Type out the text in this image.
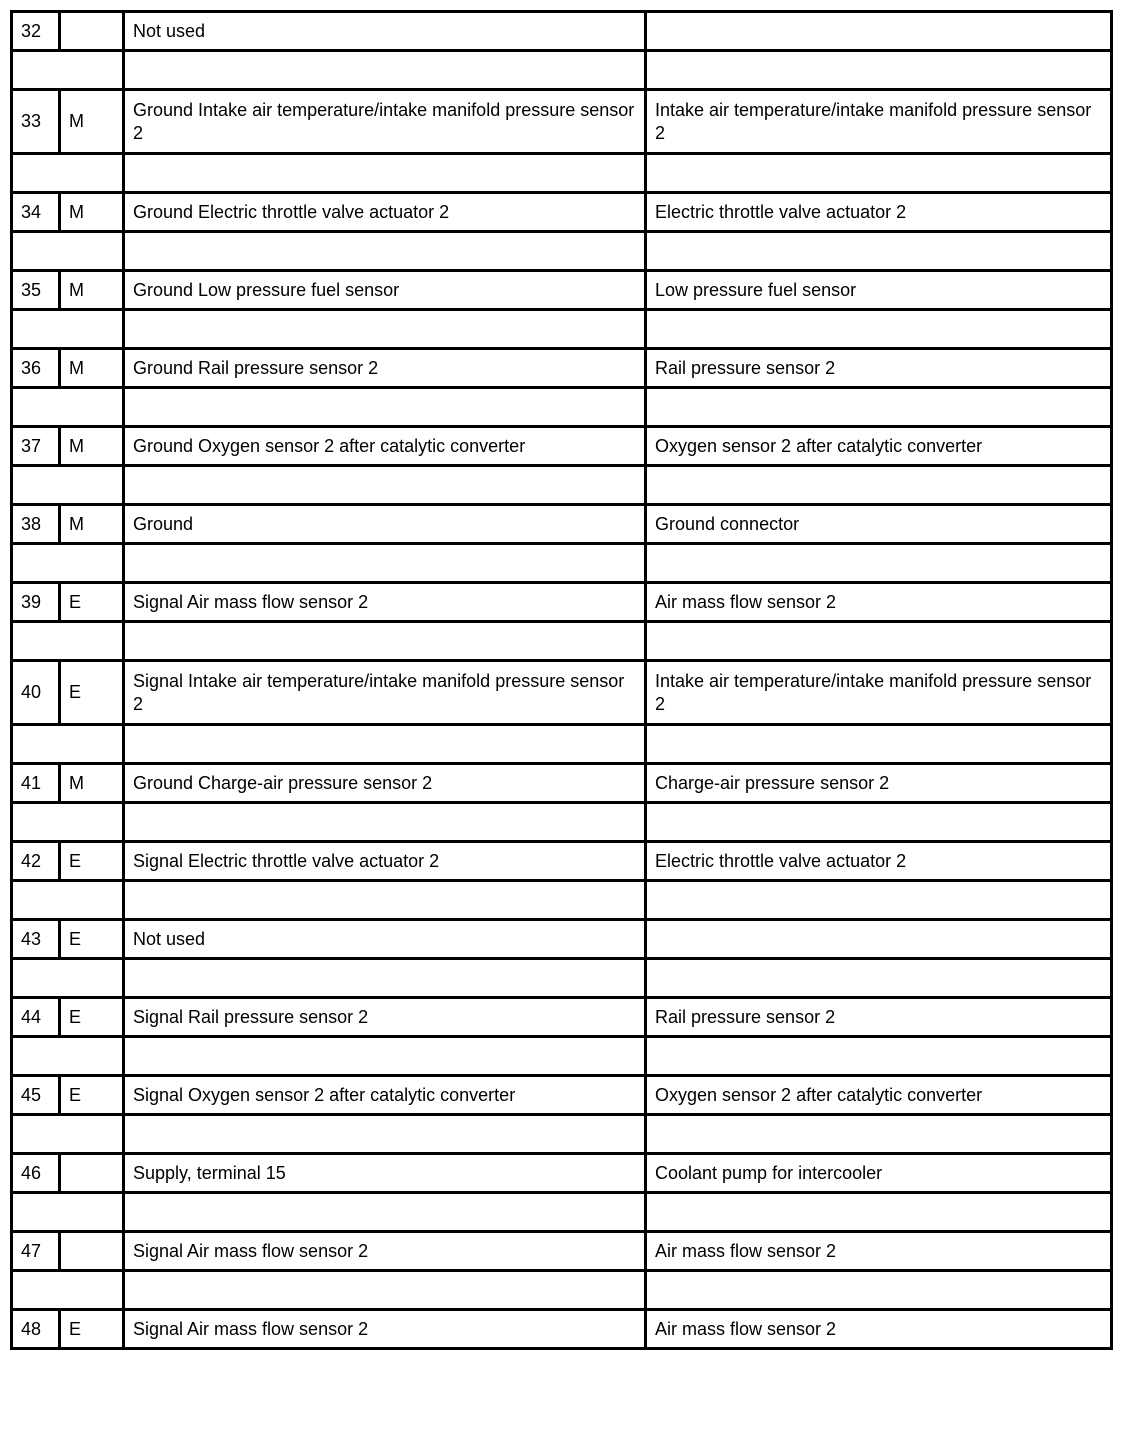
32		Not used	

33	M	Ground Intake air temperature/intake manifold pressure sensor 2	Intake air temperature/intake manifold pressure sensor 2

34	M	Ground Electric throttle valve actuator 2	Electric throttle valve actuator 2

35	M	Ground Low pressure fuel sensor	Low pressure fuel sensor

36	M	Ground Rail pressure sensor 2	Rail pressure sensor 2

37	M	Ground Oxygen sensor 2 after catalytic converter	Oxygen sensor 2 after catalytic converter

38	M	Ground	Ground connector

39	E	Signal Air mass flow sensor 2	Air mass flow sensor 2

40	E	Signal Intake air temperature/intake manifold pressure sensor 2	Intake air temperature/intake manifold pressure sensor 2

41	M	Ground Charge-air pressure sensor 2	Charge-air pressure sensor 2

42	E	Signal Electric throttle valve actuator 2	Electric throttle valve actuator 2

43	E	Not used	

44	E	Signal Rail pressure sensor 2	Rail pressure sensor 2

45	E	Signal Oxygen sensor 2 after catalytic converter	Oxygen sensor 2 after catalytic converter

46		Supply, terminal 15	Coolant pump for intercooler

47		Signal Air mass flow sensor 2	Air mass flow sensor 2

48	E	Signal Air mass flow sensor 2	Air mass flow sensor 2
